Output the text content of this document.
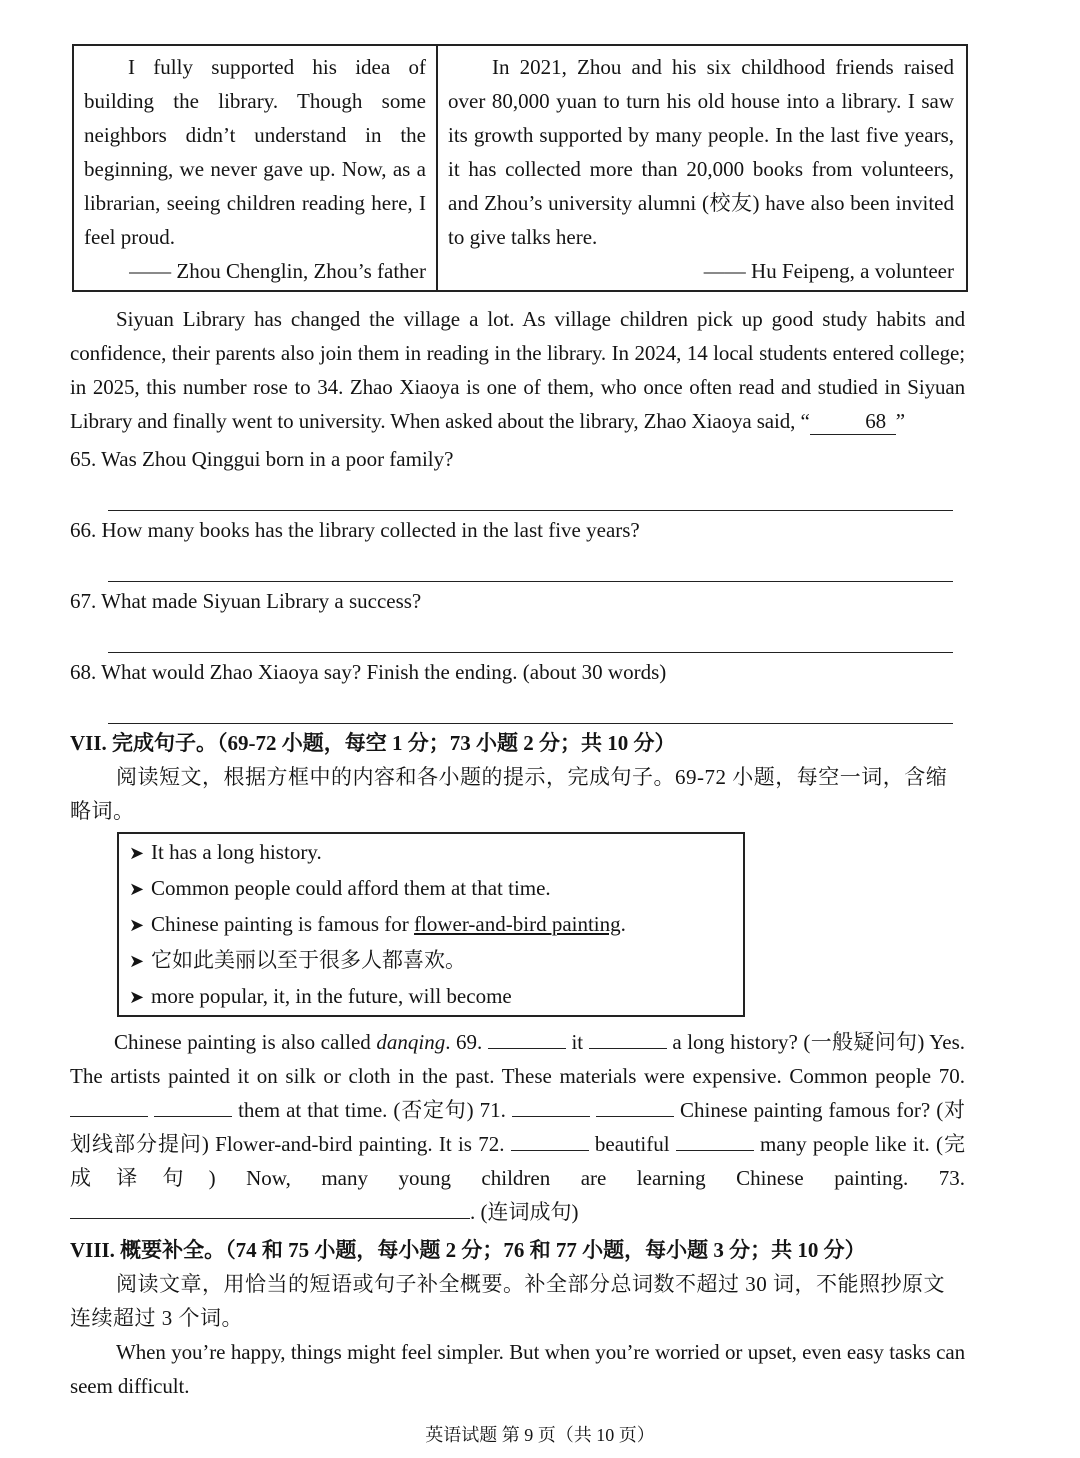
I fully supported his idea of building the library. Though some neighbors didn’t understand in the beginning, we never gave up. Now, as a librarian, seeing children reading here, I feel proud.

—— Zhou Chenglin, Zhou’s father

In 2021, Zhou and his six childhood friends raised over 80,000 yuan to turn his old house into a library. I saw its growth supported by many people. In the last five years, it has collected more than 20,000 books from volunteers, and Zhou’s university alumni (校友) have also been invited to give talks here.

—— Hu Feipeng, a volunteer

Siyuan Library has changed the village a lot. As village children pick up good study habits and confidence, their parents also join them in reading in the library. In 2024, 14 local students entered college; in 2025, this number rose to 34. Zhao Xiaoya is one of them, who once often read and studied in Siyuan Library and finally went to university. When asked about the library, Zhao Xiaoya said, “	68 ”

65. Was Zhou Qinggui born in a poor family?

66. How many books has the library collected in the last five years?

67. What made Siyuan Library a success?

68. What would Zhao Xiaoya say? Finish the ending. (about 30 words)

VII. 完成句子。（69-72 小题，每空 1 分；73 小题 2 分；共 10 分）

阅读短文，根据方框中的内容和各小题的提示，完成句子。69-72 小题，每空一词，含缩略词。

➤ It has a long history.

➤ Common people could afford them at that time.

➤ Chinese painting is famous for flower-and-bird painting.

➤ 它如此美丽以至于很多人都喜欢。

➤ more popular, it, in the future, will become

Chinese painting is also called danqing. 69.	it	a long history? (一般疑问句) Yes. The artists painted it on silk or cloth in the past. These materials were expensive. Common people 70.   them at that time. (否定句) 71.	Chinese painting famous for? (对划线部分提问) Flower-and-bird painting. It is 72.	beautiful	many people like it. (完成译句) Now, many young children are learning Chinese painting. 73. . (连词成句)

VIII. 概要补全。（74 和 75 小题，每小题 2 分；76 和 77 小题，每小题 3 分；共 10 分）

阅读文章，用恰当的短语或句子补全概要。补全部分总词数不超过 30 词，不能照抄原文连续超过 3 个词。

When you’re happy, things might feel simpler. But when you’re worried or upset, even easy tasks can seem difficult.

英语试题 第 9 页（共 10 页）
